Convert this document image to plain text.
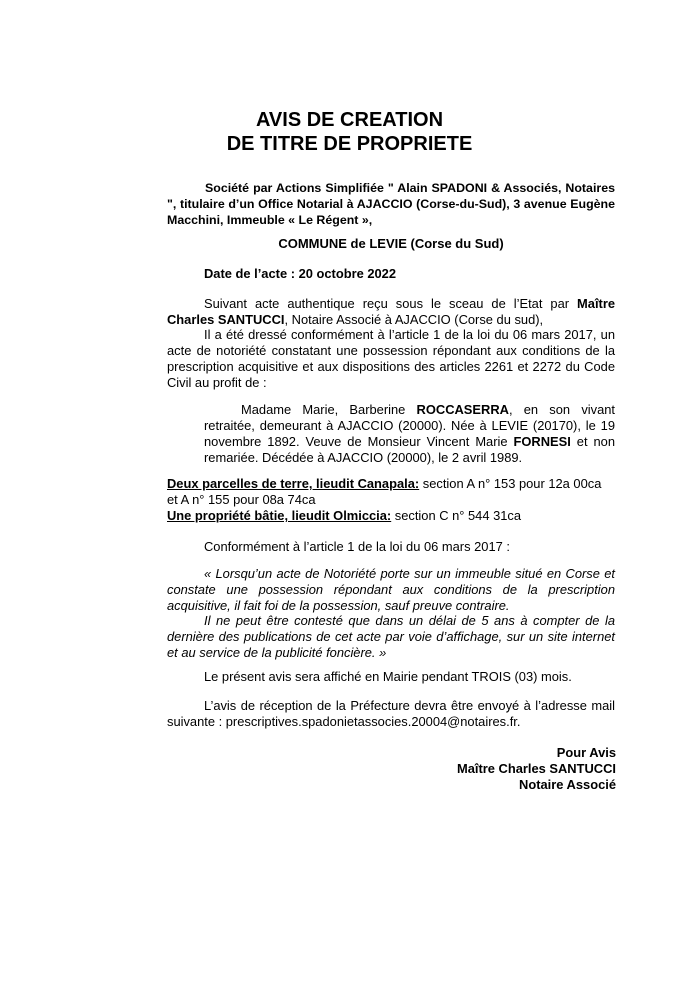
AVIS DE CREATION
DE TITRE DE PROPRIETE
Société par Actions Simplifiée " Alain SPADONI & Associés, Notaires ", titulaire d’un Office Notarial à AJACCIO (Corse-du-Sud), 3 avenue Eugène Macchini, Immeuble « Le Régent »,
COMMUNE de LEVIE (Corse du Sud)
Date de l’acte : 20 octobre 2022
Suivant acte authentique reçu sous le sceau de l’Etat par Maître Charles SANTUCCI, Notaire Associé à AJACCIO (Corse du sud),
Il a été dressé conformément à l’article 1 de la loi du 06 mars 2017, un acte de notoriété constatant une possession répondant aux conditions de la prescription acquisitive et aux dispositions des articles 2261 et 2272 du Code Civil au profit de :
Madame Marie, Barberine ROCCASERRA, en son vivant retraitée, demeurant à AJACCIO (20000). Née à LEVIE (20170), le 19 novembre 1892. Veuve de Monsieur Vincent Marie FORNESI et non remariée. Décédée à AJACCIO (20000), le 2 avril 1989.
Deux parcelles de terre, lieudit Canapala: section A n° 153 pour 12a 00ca et A n° 155 pour 08a 74ca
Une propriété bâtie, lieudit Olmiccia: section C n° 544 31ca
Conformément à l’article 1 de la loi du 06 mars 2017 :
« Lorsqu’un acte de Notoriété porte sur un immeuble situé en Corse et constate une possession répondant aux conditions de la prescription acquisitive, il fait foi de la possession, sauf preuve contraire.
Il ne peut être contesté que dans un délai de 5 ans à compter de la dernière des publications de cet acte par voie d’affichage, sur un site internet et au service de la publicité foncière. »
Le présent avis sera affiché en Mairie pendant TROIS (03) mois.
L’avis de réception de la Préfecture devra être envoyé à l’adresse mail suivante : prescriptives.spadonietassocies.20004@notaires.fr.
Pour Avis
Maître Charles SANTUCCI
Notaire Associé
